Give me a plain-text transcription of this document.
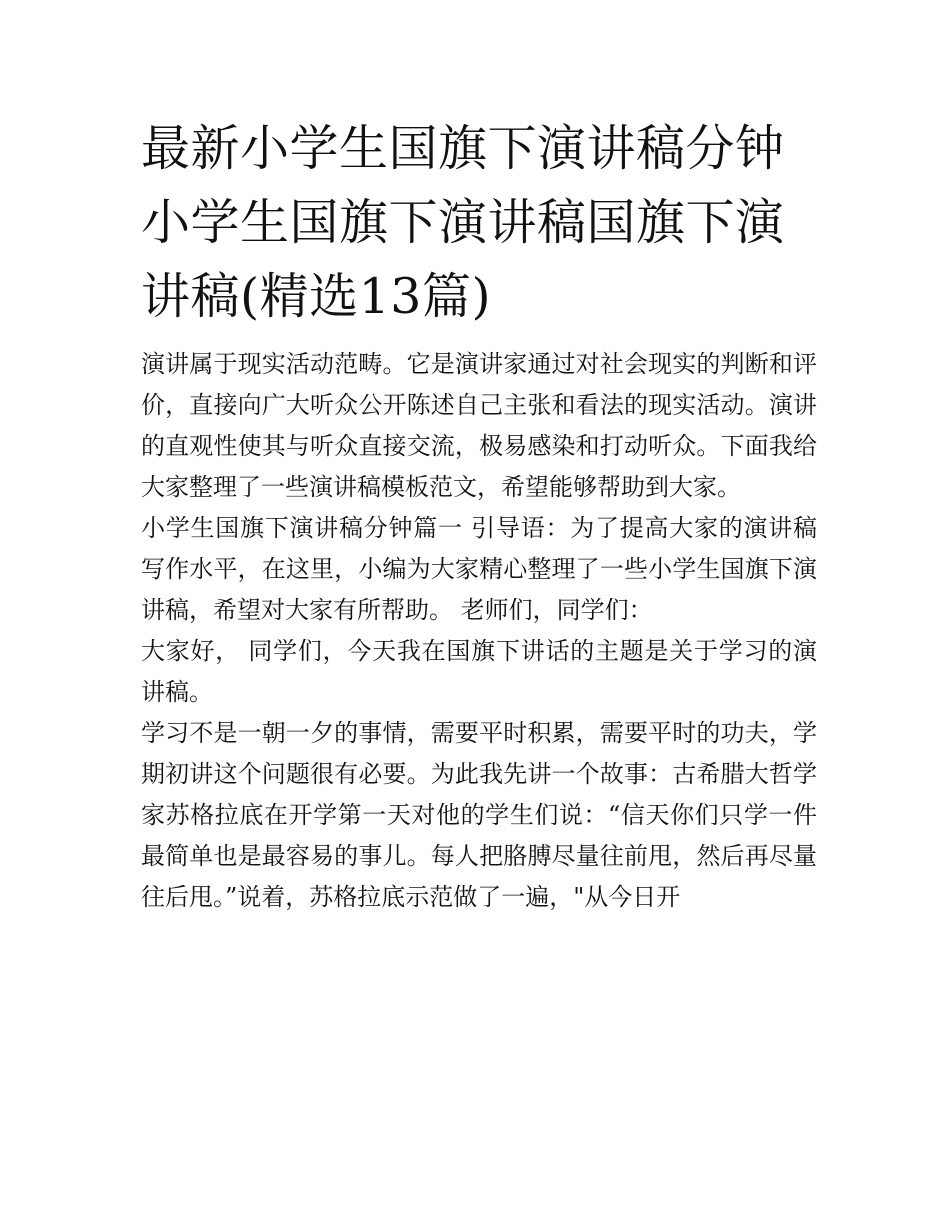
最新小学生国旗下演讲稿分钟小学生国旗下演讲稿国旗下演讲稿(精选13篇)

演讲属于现实活动范畴。它是演讲家通过对社会现实的判断和评价，直接向广大听众公开陈述自己主张和看法的现实活动。演讲的直观性使其与听众直接交流，极易感染和打动听众。下面我给大家整理了一些演讲稿模板范文，希望能够帮助到大家。

小学生国旗下演讲稿分钟篇一 引导语：为了提高大家的演讲稿写作水平，在这里，小编为大家精心整理了一些小学生国旗下演讲稿，希望对大家有所帮助。 老师们，同学们：

大家好， 同学们，今天我在国旗下讲话的主题是关于学习的演讲稿。

学习不是一朝一夕的事情，需要平时积累，需要平时的功夫，学期初讲这个问题很有必要。为此我先讲一个故事：古希腊大哲学家苏格拉底在开学第一天对他的学生们说：“信天你们只学一件最简单也是最容易的事儿。每人把胳膊尽量往前甩，然后再尽量往后甩。”说着，苏格拉底示范做了一遍，"从今日开
